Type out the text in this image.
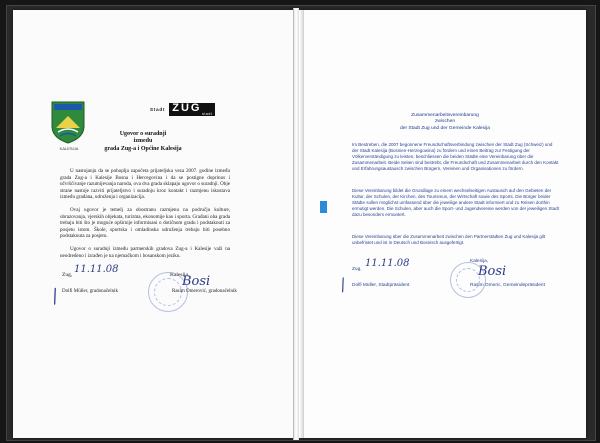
KALESIJA
Stadt ZUG stadt
Ugovor o suradnji
između
grada Zug-a i Općine Kalesija

U nastojanju da se pohoplja započeta prijateljska veza 2007. godine između grada Zug-a i Kalesije Bosna i Hercegovina i da se postigne doprinos i učvršćivanje razumijevanja naroda, ova dva grada sklapaju ugovor o suradnji. Obje strane nastoje razviti prijateljstvo i suradnju kroz kontakt i razmjenu iskustava između građana, udruženja i organizacija.

Ovaj ugovor je temelj za obostranu razmjenu na području kulture, obrazovanja, vjerskih objekata, turizma, ekonomije kao i sporta. Građani oba grada trebaju biti što je moguće opširnije informisani o dotičnom gradu i podstaknuti za posjetu istom. Škole, sportska i omladinska udruženja trebaju biti posebno podstaknuta za posjetu.

Ugovor o suradnji između partnerskih gradova Zug-a i Kalesije važi na neodređeno i izrađen je na njemačkom i bosanskom jeziku.

Zug, 11.11.08
/
Kalesija,
Bosi
Dolfi Müller, gradonačelnik	Rasim Omerović, gradonačelnik
Zusammenarbeitsvereinbarung
zwischen
der Stadt Zug und der Gemeinde Kalesija

Im Bestreben, die 2007 begonnene Freundschaftsverbindung zwischen der Stadt Zug (Schweiz) und der Stadt Kalesija (Bosnien-Herzegowina) zu fördern und einen Beitrag zur Festigung der Völkerverständigung zu leisten, beschliessen die beiden Städte eine Vereinbarung über die Zusammenarbeit. Beide Seiten sind bestrebt, die Freundschaft und Zusammenarbeit durch den Kontakt und Erfahrungsaustausch zwischen Bürgern, Vereinen und Organisationen zu fördern.

Diese Vereinbarung bildet die Grundlage zu einem wechselseitigen Austausch auf den Gebieten der Kultur, der Schulen, der Kirchen, des Tourismus, der Wirtschaft sowie des Sports. Die Bürger beider Städte sollen möglichst umfassend über die jeweilige andere Stadt informiert und zu Reisen dorthin ermutigt werden. Die Schulen, aber auch die Sport- und Jugendvereine werden von der jeweiligen Stadt dazu besonders ermuntert.

Diese Vereinbarung über die Zusammenarbeit zwischen den Partnerstädten Zug und Kalesija gilt unbefristet und ist in Deutsch und Bosnisch ausgefertigt.

Zug,
11.11.08
/
Kalesija,
Bosi
Dolfi Müller, Stadtpräsident	Rasim Omeric, Gemeindepräsident
